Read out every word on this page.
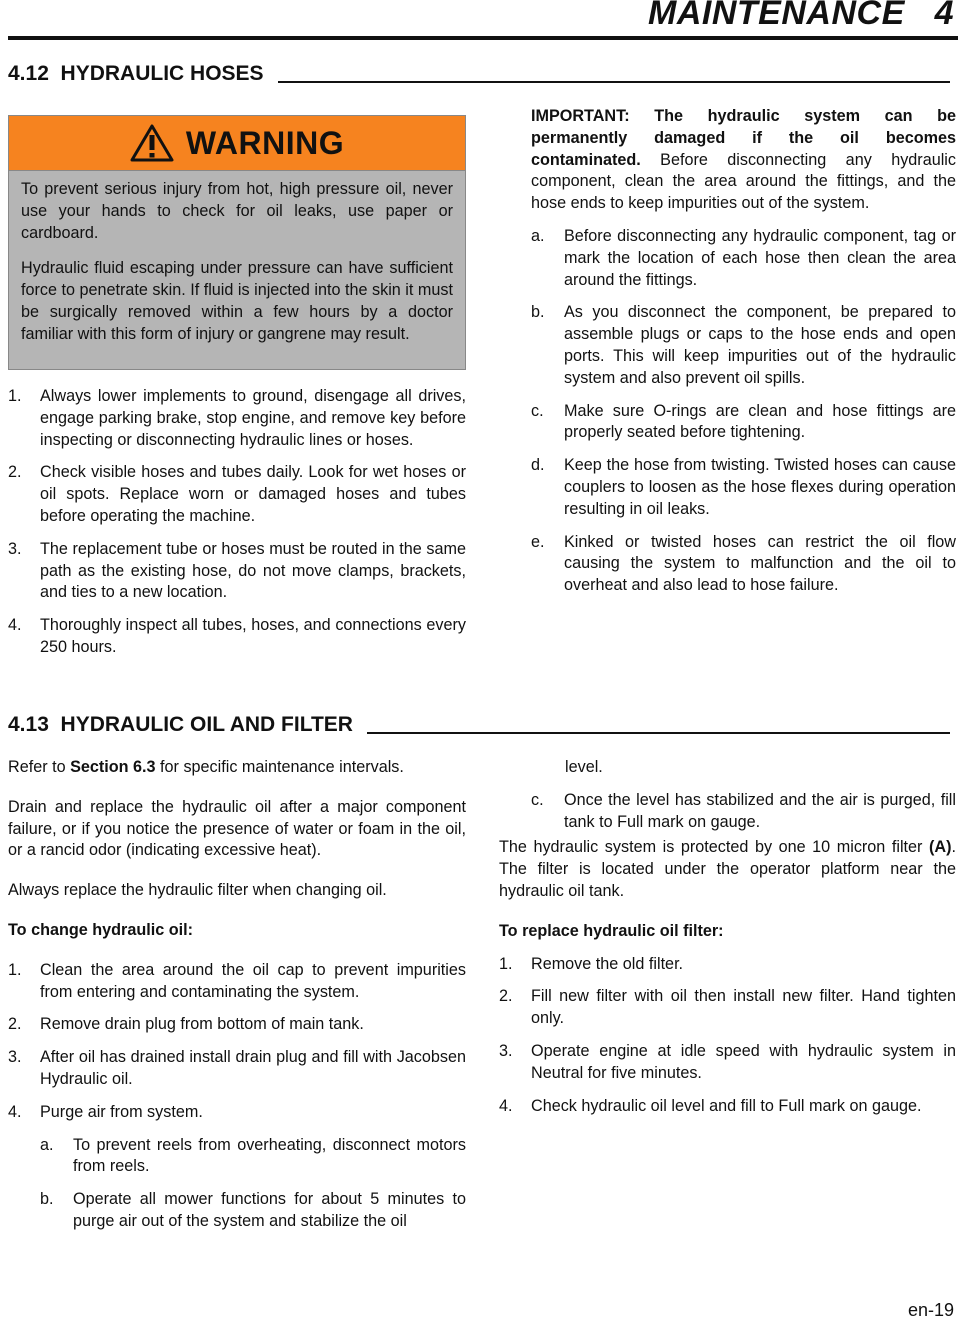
MAINTENANCE   4
4.12  HYDRAULIC HOSES
WARNING

To prevent serious injury from hot, high pressure oil, never use your hands to check for oil leaks, use paper or cardboard.

Hydraulic fluid escaping under pressure can have sufficient force to penetrate skin. If fluid is injected into the skin it must be surgically removed within a few hours by a doctor familiar with this form of injury or gangrene may result.

1.	Always lower implements to ground, disengage all drives, engage parking brake, stop engine, and remove key before inspecting or disconnecting hydraulic lines or hoses.
2.	Check visible hoses and tubes daily. Look for wet hoses or oil spots. Replace worn or damaged hoses and tubes before operating the machine.
3.	The replacement tube or hoses must be routed in the same path as the existing hose, do not move clamps, brackets, and ties to a new location.
4.	Thoroughly inspect all tubes, hoses, and connections every 250 hours.

IMPORTANT: The hydraulic system can be permanently damaged if the oil becomes contaminated. Before disconnecting any hydraulic component, clean the area around the fittings, and the hose ends to keep impurities out of the system.

a.	Before disconnecting any hydraulic component, tag or mark the location of each hose then clean the area around the fittings.
b.	As you disconnect the component, be prepared to assemble plugs or caps to the hose ends and open ports. This will keep impurities out of the hydraulic system and also prevent oil spills.
c.	Make sure O-rings are clean and hose fittings are properly seated before tightening.
d.	Keep the hose from twisting. Twisted hoses can cause couplers to loosen as the hose flexes during operation resulting in oil leaks.
e.	Kinked or twisted hoses can restrict the oil flow causing the system to malfunction and the oil to overheat and also lead to hose failure.
4.13  HYDRAULIC OIL AND FILTER

Refer to Section 6.3 for specific maintenance intervals.

Drain and replace the hydraulic oil after a major component failure, or if you notice the presence of water or foam in the oil, or a rancid odor (indicating excessive heat).

Always replace the hydraulic filter when changing oil.

To change hydraulic oil:

1.	Clean the area around the oil cap to prevent impurities from entering and contaminating the system.
2.	Remove drain plug from bottom of main tank.
3.	After oil has drained install drain plug and fill with Jacobsen Hydraulic oil.
4.	Purge air from system.
a.	To prevent reels from overheating, disconnect motors from reels.
b.	Operate all mower functions for about 5 minutes to purge air out of the system and stabilize the oil

level.

c.	Once the level has stabilized and the air is purged, fill tank to Full mark on gauge.

The hydraulic system is protected by one 10 micron filter (A). The filter is located under the operator platform near the hydraulic oil tank.

To replace hydraulic oil filter:

1.	Remove the old filter.
2.	Fill new filter with oil then install new filter. Hand tighten only.
3.	Operate engine at idle speed with hydraulic system in Neutral for five minutes.
4.	Check hydraulic oil level and fill to Full mark on gauge.
en-19
